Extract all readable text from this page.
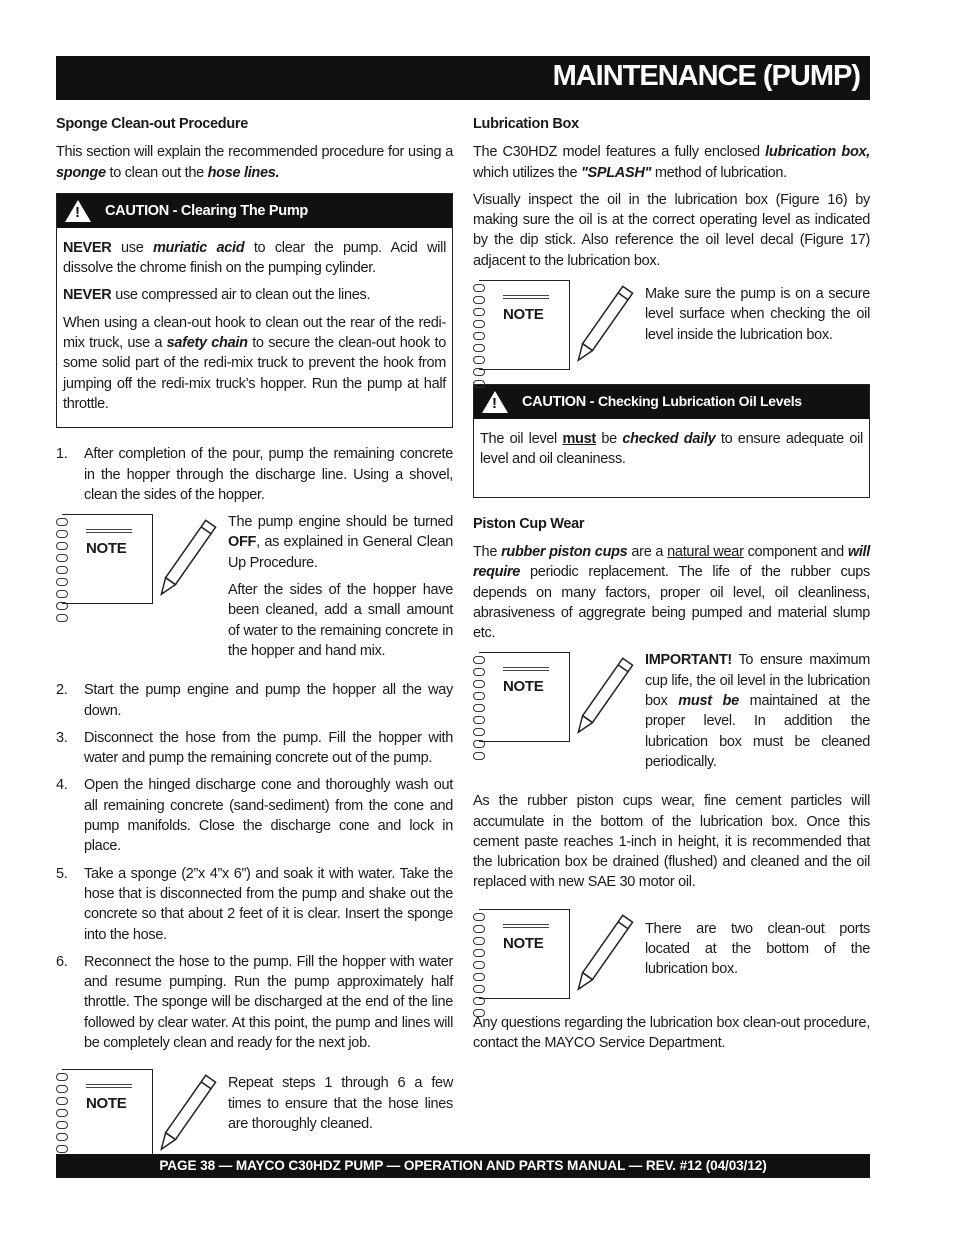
MAINTENANCE (PUMP)
Sponge Clean-out Procedure

This section will explain the recommended procedure for using a sponge to clean out the hose lines.

!
CAUTION - Clearing The Pump

NEVER use muriatic acid to clear the pump. Acid will dissolve the chrome finish on the pumping cylinder.

NEVER use compressed air to clean out the lines.

When using a clean-out hook to clean out the rear of the redi-mix truck, use a safety chain to secure the clean-out hook to some solid part of the redi-mix truck to prevent the hook from jumping off the redi-mix truck’s hopper. Run the pump at half throttle.

1.	After completion of the pour, pump the remaining concrete in the hopper through the discharge line. Using a shovel, clean the sides of the hopper.
NOTE

The pump engine should be turned OFF, as explained in General Clean Up Procedure.

After the sides of the hopper have been cleaned, add a small amount of water to the remaining concrete in the hopper and hand mix.

2.	Start the pump engine and pump the hopper all the way down.
3.	Disconnect the hose from the pump. Fill the hopper with water and pump the remaining concrete out of the pump.
4.	Open the hinged discharge cone and thoroughly wash out all remaining concrete (sand-sediment) from the cone and pump manifolds. Close the discharge cone and lock in place.
5.	Take a sponge (2”x 4”x 6”) and soak it with water. Take the hose that is disconnected from the pump and shake out the concrete so that about 2 feet of it is clear. Insert the sponge into the hose.
6.	Reconnect the hose to the pump. Fill the hopper with water and resume pumping. Run the pump approximately half throttle. The sponge will be discharged at the end of the line followed by clear water. At this point, the pump and lines will be completely clean and ready for the next job.
NOTE

Repeat steps 1 through 6 a few times to ensure that the hose lines are thoroughly cleaned.

Lubrication Box

The C30HDZ model features a fully enclosed lubrication box, which utilizes the "SPLASH" method of lubrication.

Visually inspect the oil in the lubrication box (Figure 16) by making sure the oil is at the correct operating level as indicated by the dip stick. Also reference the oil level decal (Figure 17) adjacent to the lubrication box.

NOTE

Make sure the pump is on a secure level surface when checking the oil level inside the lubrication box.

!
CAUTION - Checking Lubrication Oil Levels

The oil level must be checked daily to ensure adequate oil level and oil cleaniness.

Piston Cup Wear

The rubber piston cups are a natural wear component and will require periodic replacement. The life of the rubber cups depends on many factors, proper oil level, oil cleanliness, abrasiveness of aggregrate being pumped and material slump etc.

NOTE

IMPORTANT! To ensure maximum cup life, the oil level in the lubrication box must be maintained at the proper level. In addition the lubrication box must be cleaned periodically.

As the rubber piston cups wear, fine cement particles will accumulate in the bottom of the lubrication box. Once this cement paste reaches 1-inch in height, it is recommended that the lubrication box be drained (flushed) and cleaned and the oil replaced with new SAE 30 motor oil.

NOTE

There are two clean-out ports located at the bottom of the lubrication box.

Any questions regarding the lubrication box clean-out procedure, contact the MAYCO Service Department.

PAGE 38 — MAYCO C30HDZ PUMP — OPERATION AND PARTS MANUAL — REV. #12 (04/03/12)
